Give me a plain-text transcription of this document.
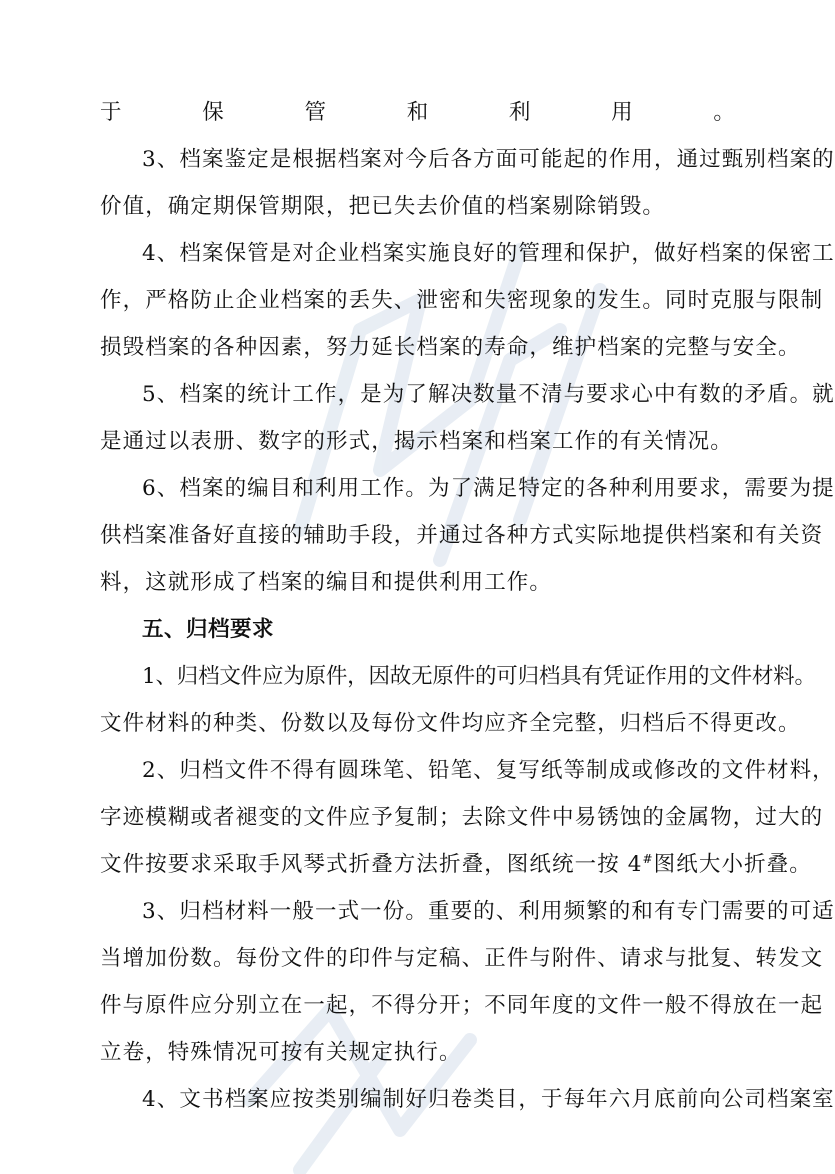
于保管和利用。
3、档案鉴定是根据档案对今后各方面可能起的作用，通过甄别档案的
价值，确定期保管期限，把已失去价值的档案剔除销毁。
4、档案保管是对企业档案实施良好的管理和保护，做好档案的保密工
作，严格防止企业档案的丢失、泄密和失密现象的发生。同时克服与限制
损毁档案的各种因素，努力延长档案的寿命，维护档案的完整与安全。
5、档案的统计工作，是为了解决数量不清与要求心中有数的矛盾。就
是通过以表册、数字的形式，揭示档案和档案工作的有关情况。
6、档案的编目和利用工作。为了满足特定的各种利用要求，需要为提
供档案准备好直接的辅助手段，并通过各种方式实际地提供档案和有关资
料，这就形成了档案的编目和提供利用工作。
五、归档要求
1、归档文件应为原件，因故无原件的可归档具有凭证作用的文件材料。
文件材料的种类、份数以及每份文件均应齐全完整，归档后不得更改。
2、归档文件不得有圆珠笔、铅笔、复写纸等制成或修改的文件材料，
字迹模糊或者褪变的文件应予复制；去除文件中易锈蚀的金属物，过大的
文件按要求采取手风琴式折叠方法折叠，图纸统一按 4#图纸大小折叠。
3、归档材料一般一式一份。重要的、利用频繁的和有专门需要的可适
当增加份数。每份文件的印件与定稿、正件与附件、请求与批复、转发文
件与原件应分别立在一起，不得分开；不同年度的文件一般不得放在一起
立卷，特殊情况可按有关规定执行。
4、文书档案应按类别编制好归卷类目，于每年六月底前向公司档案室
